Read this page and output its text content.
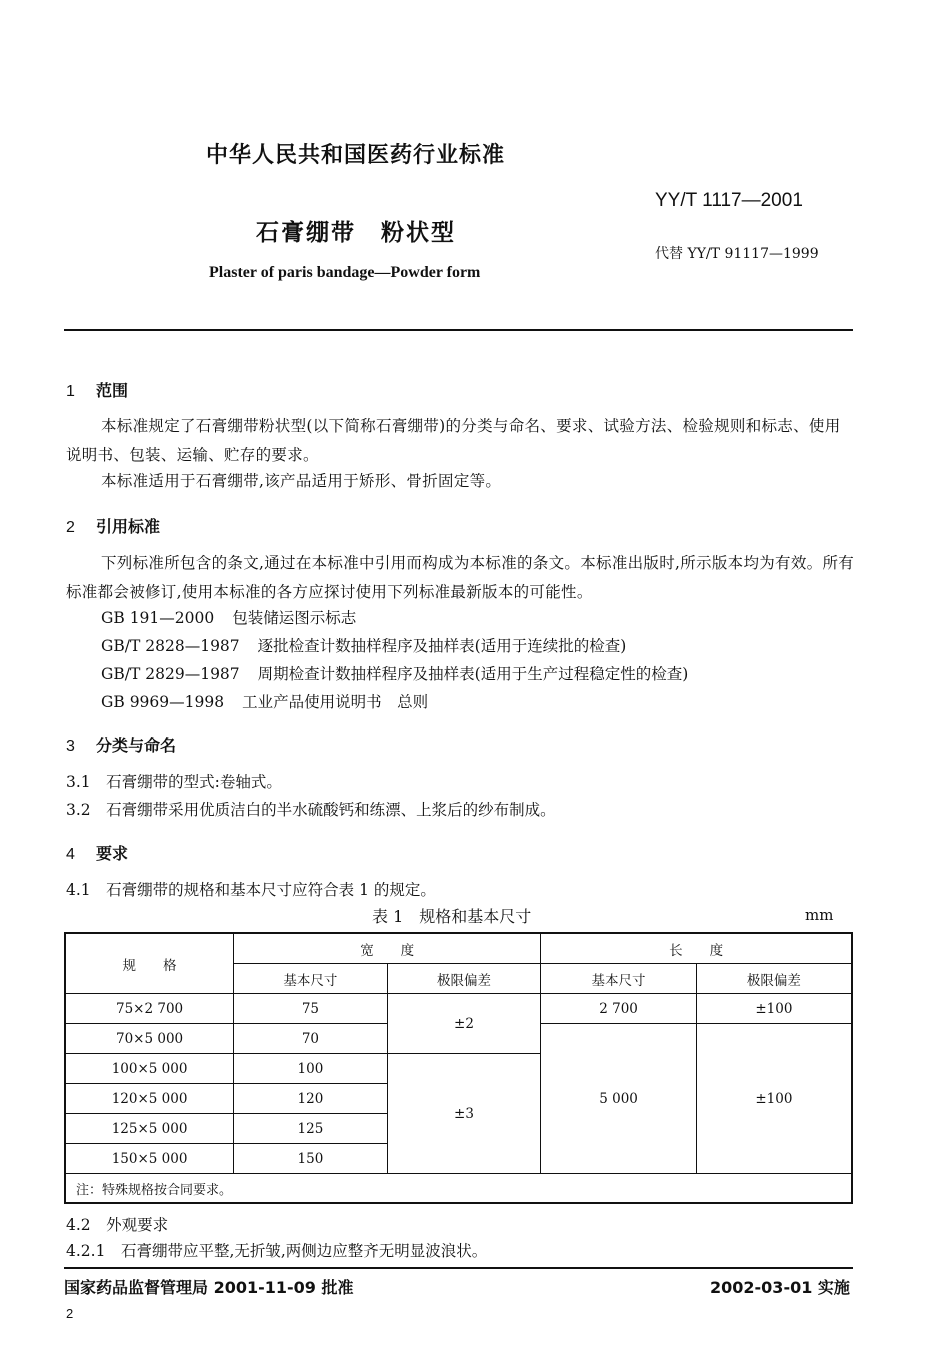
中华人民共和国医药行业标准
YY/T 1117—2001
石膏绷带　粉状型
代替 YY/T 91117—1999
Plaster of paris bandage—Powder form
1 范围
本标准规定了石膏绷带粉状型(以下简称石膏绷带)的分类与命名、要求、试验方法、检验规则和标志、使用说明书、包装、运输、贮存的要求。
本标准适用于石膏绷带,该产品适用于矫形、骨折固定等。
2 引用标准
下列标准所包含的条文,通过在本标准中引用而构成为本标准的条文。本标准出版时,所示版本均为有效。所有标准都会被修订,使用本标准的各方应探讨使用下列标准最新版本的可能性。
GB 191—2000 包装储运图示标志
GB/T 2828—1987 逐批检查计数抽样程序及抽样表(适用于连续批的检查)
GB/T 2829—1987 周期检查计数抽样程序及抽样表(适用于生产过程稳定性的检查)
GB 9969—1998 工业产品使用说明书　总则
3 分类与命名
3.1　石膏绷带的型式:卷轴式。
3.2　石膏绷带采用优质洁白的半水硫酸钙和练漂、上浆后的纱布制成。
4 要求
4.1　石膏绷带的规格和基本尺寸应符合表 1 的规定。
表 1　规格和基本尺寸	mm
规　　格	宽　　度		长　　度	
	基本尺寸	极限偏差	基本尺寸	极限偏差
75×2 700	75	±2	2 700	±100
70×5 000	70		5 000	±100
100×5 000	100	±3		
120×5 000	120			
125×5 000	125			
150×5 000	150			
注：特殊规格按合同要求。				
4.2　外观要求
4.2.1　石膏绷带应平整,无折皱,两侧边应整齐无明显波浪状。
国家药品监督管理局 2001-11-09 批准	2002-03-01 实施
2
